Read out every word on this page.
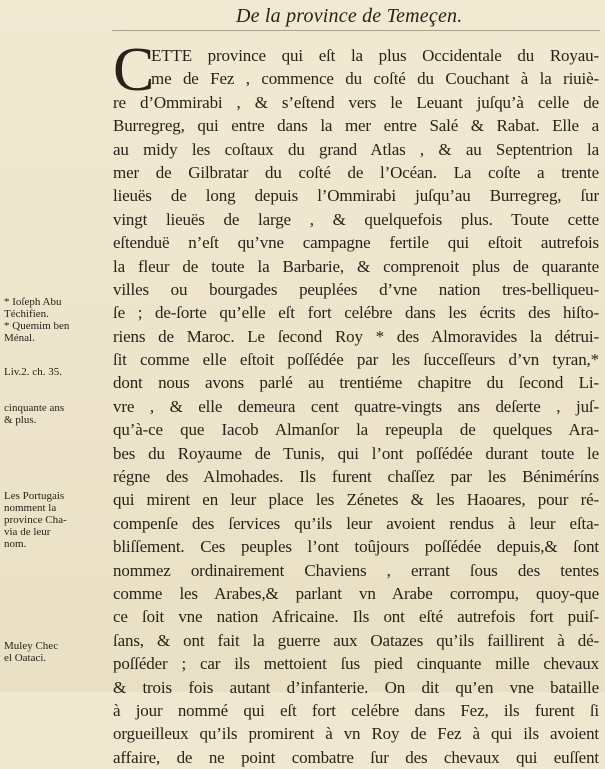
De la province de Temeçen.
C
ETTE province qui eſt la plus Occidentale du Royau-
me de Fez , commence du coſté du Couchant à la riuiè-
re d’Ommirabi , & s’eſtend vers le Leuant juſqu’à celle de
Burregreg, qui entre dans la mer entre Salé & Rabat. Elle a
au midy les coſtaux du grand Atlas , & au Septentrion la
mer de Gilbratar du coſté de l’Océan. La coſte a trente
lieuës de long depuis l’Ommirabi juſqu’au Burregreg, ſur
vingt lieuës de large , & quelquefois plus. Toute cette
eſtenduë n’eſt qu’vne campagne fertile qui eſtoit autrefois
la fleur de toute la Barbarie, & comprenoit plus de quarante
villes ou bourgades peuplées d’vne nation tres-belliqueu-
ſe ; de-ſorte qu’elle eſt fort celébre dans les écrits des hiſto-
riens de Maroc. Le ſecond Roy * des Almoravides la détrui-
ſit comme elle eſtoit poſſédée par les ſucceſſeurs d’vn tyran,*
dont nous avons parlé au trentiéme chapitre du ſecond Li-
vre , & elle demeura cent quatre-vingts ans deſerte , juſ-
qu’à-ce que Iacob Almanſor la repeupla de quelques Ara-
bes du Royaume de Tunis, qui l’ont poſſédée durant toute le
régne des Almohades. Ils furent chaſſez par les Béniméríns
qui mirent en leur place les Zénetes & les Haoares, pour ré-
compenſe des ſervices qu’ils leur avoient rendus à leur eſta-
bliſſement. Ces peuples l’ont toûjours poſſédée depuis,& ſont
nommez ordinairement Chaviens , errant ſous des tentes
comme les Arabes,& parlant vn Arabe corrompu, quoy-que
ce ſoit vne nation Africaine. Ils ont eſté autrefois fort puiſ-
ſans, & ont fait la guerre aux Oatazes qu’ils faillirent à dé-
poſſéder ; car ils mettoient ſus pied cinquante mille chevaux
& trois fois autant d’infanterie. On dit qu’en vne bataille
à jour nommé qui eſt fort celébre dans Fez, ils furent ſi
orgueilleux qu’ils promirent à vn Roy de Fez à qui ils avoient
affaire, de ne point combatre ſur des chevaux qui euſſent
* Ioſeph Abu
Téchifien.
* Quemim ben
Ménal.
Liv.2. ch. 35.
cinquante ans
& plus.
Les Portugais
nomment la
province Cha-
via de leur
nom.
Muley Chec
el Oataci.
